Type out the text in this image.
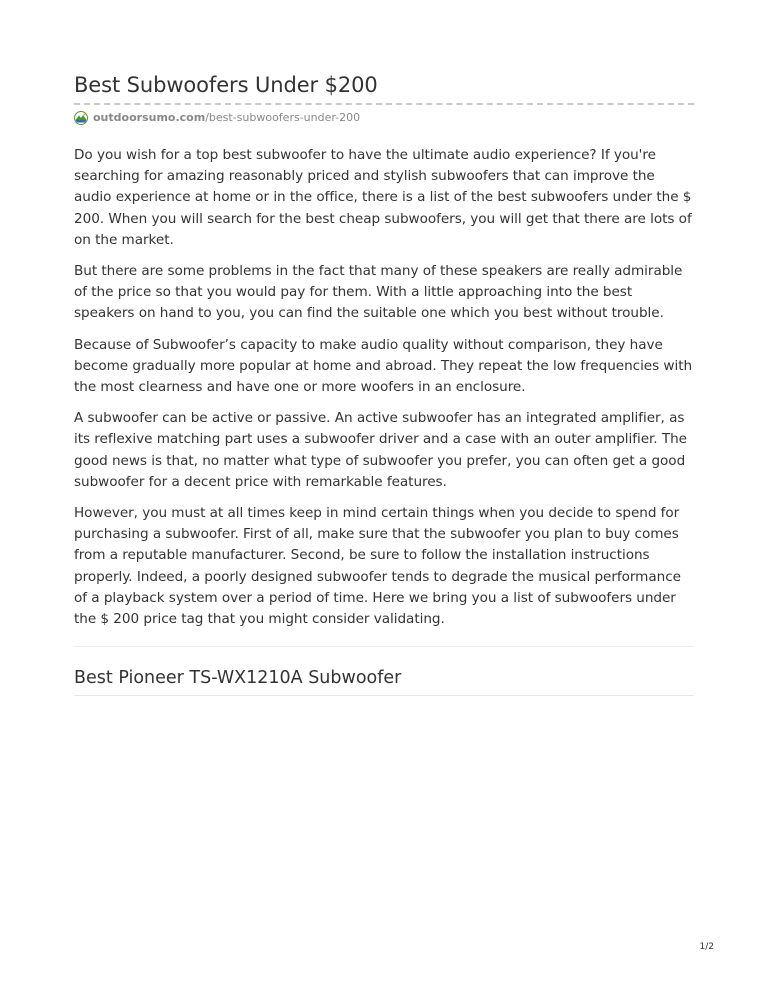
Best Subwoofers Under $200
outdoorsumo.com /best-subwoofers-under-200

Do you wish for a top best subwoofer to have the ultimate audio experience? If you're searching for amazing reasonably priced and stylish subwoofers that can improve the audio experience at home or in the office, there is a list of the best subwoofers under the $ 200. When you will search for the best cheap subwoofers, you will get that there are lots of on the market.

But there are some problems in the fact that many of these speakers are really admirable of the price so that you would pay for them. With a little approaching into the best speakers on hand to you, you can find the suitable one which you best without trouble.

Because of Subwoofer’s capacity to make audio quality without comparison, they have become gradually more popular at home and abroad. They repeat the low frequencies with the most clearness and have one or more woofers in an enclosure.

A subwoofer can be active or passive. An active subwoofer has an integrated amplifier, as its reflexive matching part uses a subwoofer driver and a case with an outer amplifier. The good news is that, no matter what type of subwoofer you prefer, you can often get a good subwoofer for a decent price with remarkable features.

However, you must at all times keep in mind certain things when you decide to spend for purchasing a subwoofer. First of all, make sure that the subwoofer you plan to buy comes from a reputable manufacturer. Second, be sure to follow the installation instructions properly. Indeed, a poorly designed subwoofer tends to degrade the musical performance of a playback system over a period of time. Here we bring you a list of subwoofers under the $ 200 price tag that you might consider validating.

Best Pioneer TS-WX1210A Subwoofer
1/2
